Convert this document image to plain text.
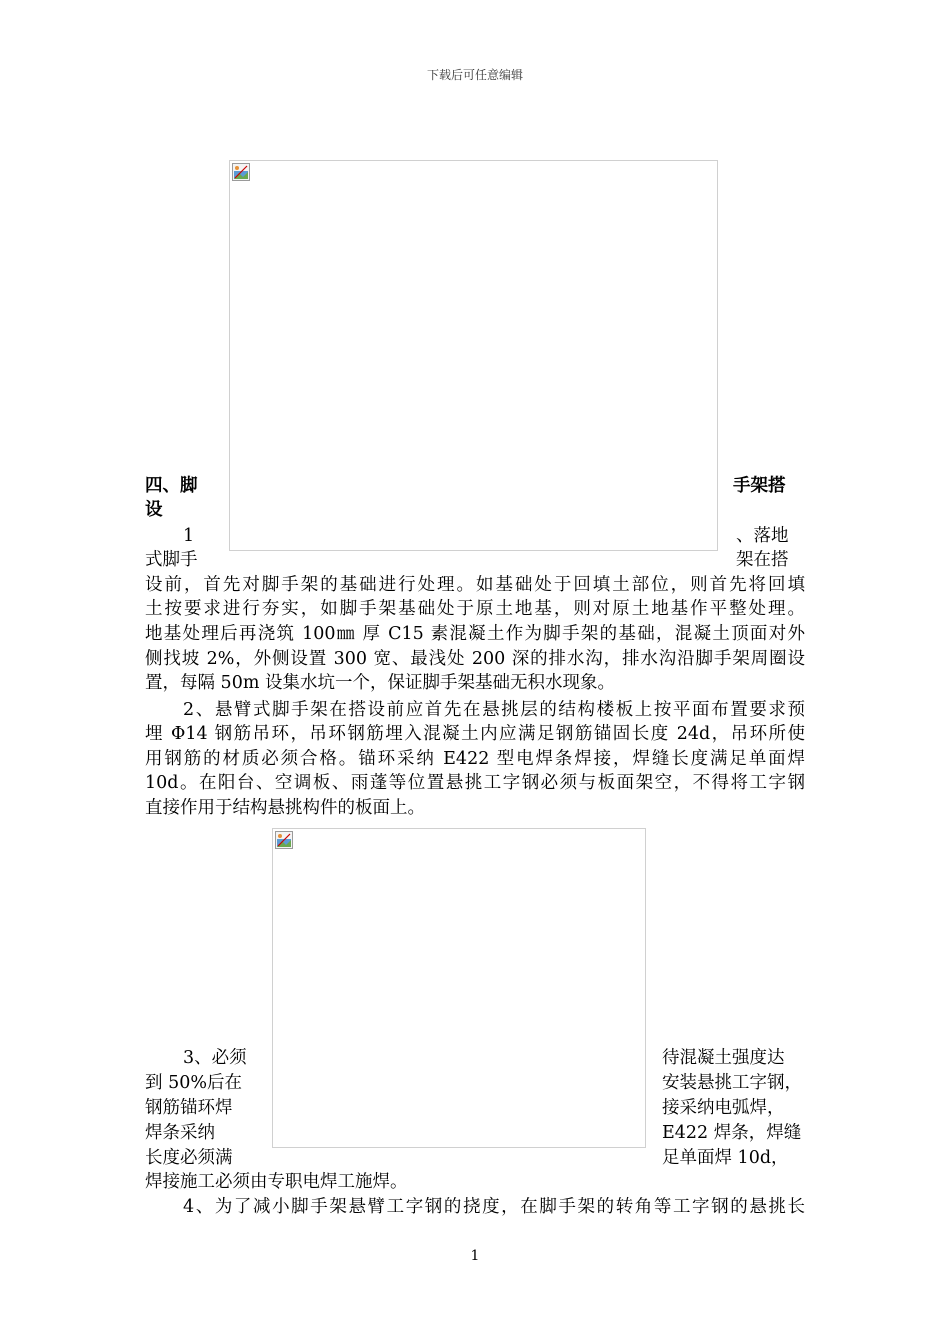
下载后可任意编辑
四、脚	手架搭
设
1	、落地
式脚手	架在搭
设前，首先对脚手架的基础进行处理。如基础处于回填土部位，则首先将回填
土按要求进行夯实，如脚手架基础处于原土地基，则对原土地基作平整处理。
地基处理后再浇筑 100㎜ 厚 C15 素混凝土作为脚手架的基础，混凝土顶面对外
侧找坡 2%，外侧设置 300 宽、最浅处 200 深的排水沟，排水沟沿脚手架周圈设
置，每隔 50m 设集水坑一个，保证脚手架基础无积水现象。
2、悬臂式脚手架在搭设前应首先在悬挑层的结构楼板上按平面布置要求预
埋 Φ14 钢筋吊环，吊环钢筋埋入混凝土内应满足钢筋锚固长度 24d，吊环所使
用钢筋的材质必须合格。锚环采纳 E422 型电焊条焊接，焊缝长度满足单面焊
10d。在阳台、空调板、雨蓬等位置悬挑工字钢必须与板面架空，不得将工字钢
直接作用于结构悬挑构件的板面上。
3、必须
到 50%后在
钢筋锚环焊
焊条采纳
长度必须满
待混凝土强度达
安装悬挑工字钢，
接采纳电弧焊，
E422 焊条，焊缝
足单面焊 10d，
焊接施工必须由专职电焊工施焊。
4、为了减小脚手架悬臂工字钢的挠度，在脚手架的转角等工字钢的悬挑长
1
